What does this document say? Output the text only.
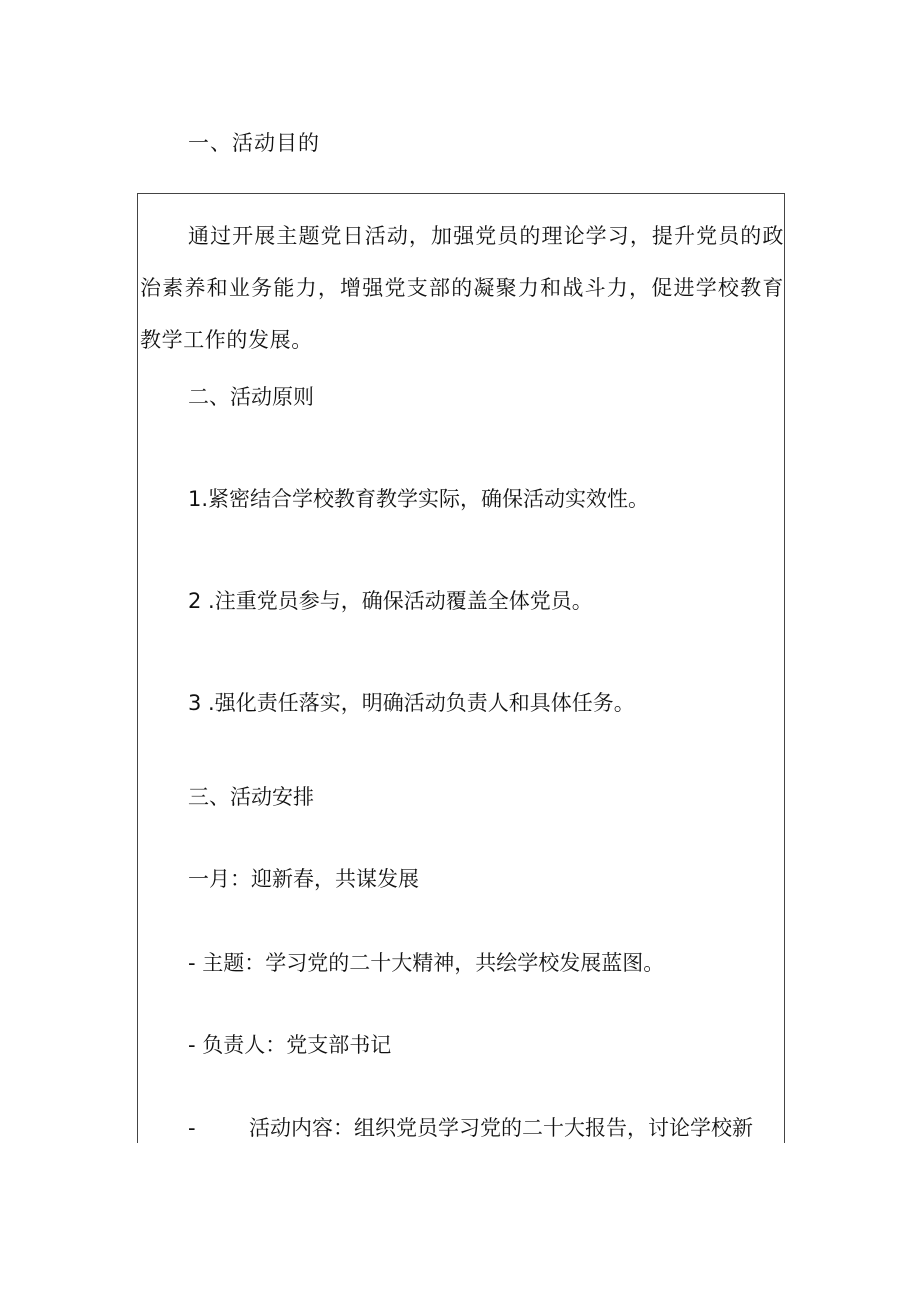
一、活动目的
通过开展主题党日活动，加强党员的理论学习，提升党员的政治素养和业务能力，增强党支部的凝聚力和战斗力，促进学校教育教学工作的发展。
二、活动原则
1.紧密结合学校教育教学实际，确保活动实效性。
2 .注重党员参与，确保活动覆盖全体党员。
3 .强化责任落实，明确活动负责人和具体任务。
三、活动安排
一月：迎新春，共谋发展
- 主题：学习党的二十大精神，共绘学校发展蓝图。
- 负责人：党支部书记
-	活动内容：组织党员学习党的二十大报告，讨论学校新
